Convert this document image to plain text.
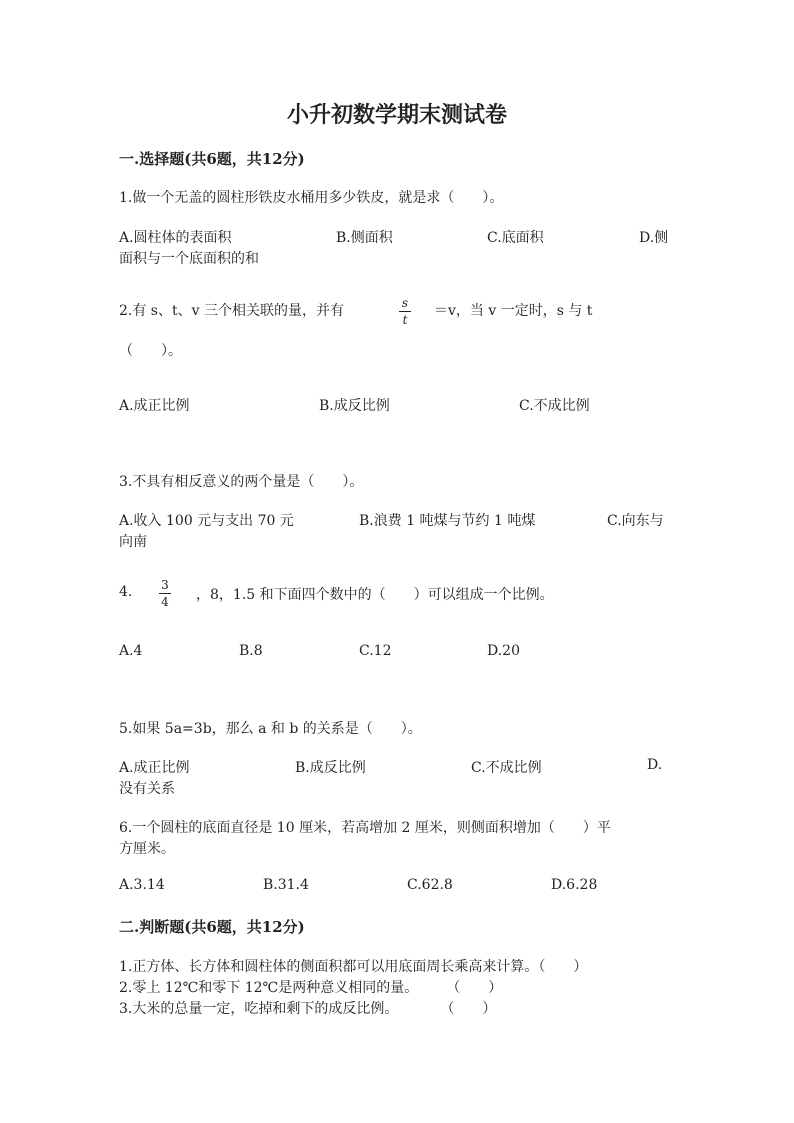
小升初数学期末测试卷
一.选择题(共6题，共12分)
1.做一个无盖的圆柱形铁皮水桶用多少铁皮，就是求（　　）。
A.圆柱体的表面积	B.侧面积	C.底面积	D.侧
面积与一个底面积的和
2.有 s、t、v 三个相关联的量，并有	s
t
＝v，当 v 一定时，s 与 t
（　　）。
A.成正比例	B.成反比例	C.不成比例
3.不具有相反意义的两个量是（　　）。
A.收入 100 元与支出 70 元	B.浪费 1 吨煤与节约 1 吨煤	C.向东与
向南
4. 3
4 ，8，1.5 和下面四个数中的（　　）可以组成一个比例。
A.4	B.8	C.12	D.20
5.如果 5a=3b，那么 a 和 b 的关系是（　　）。
A.成正比例	B.成反比例	C.不成比例	D.
没有关系
6.一个圆柱的底面直径是 10 厘米，若高增加 2 厘米，则侧面积增加（　　）平
方厘米。
A.3.14	B.31.4	C.62.8	D.6.28
二.判断题(共6题，共12分)
1.正方体、长方体和圆柱体的侧面积都可以用底面周长乘高来计算。（　　）
2.零上 12℃和零下 12℃是两种意义相同的量。　　　（　　）
3.大米的总量一定，吃掉和剩下的成反比例。　　　　（　　）
